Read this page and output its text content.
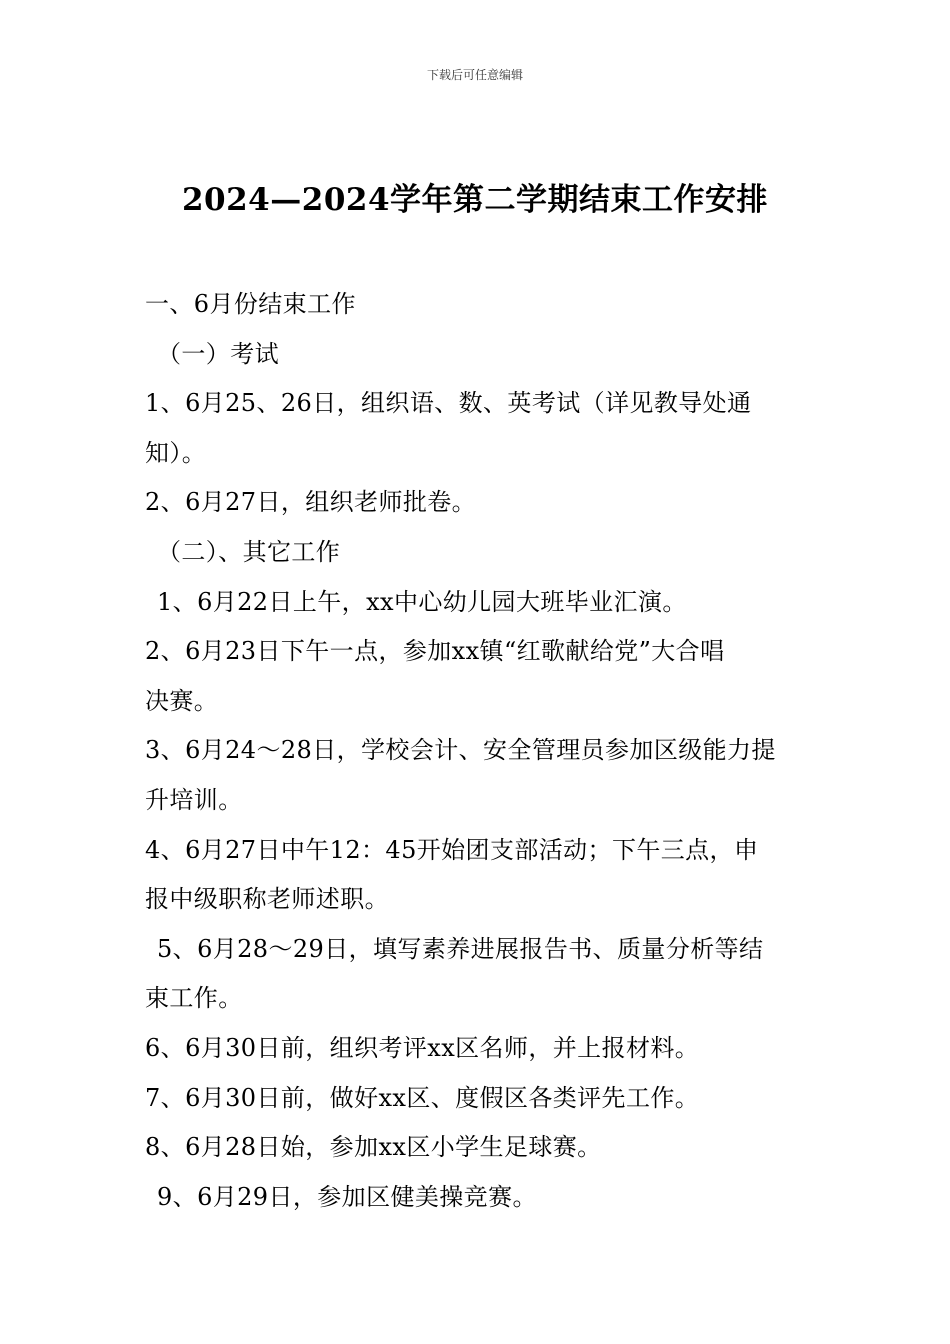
下载后可任意编辑
2024—2024学年第二学期结束工作安排
一、6月份结束工作
（一）考试
1、6月25、26日，组织语、数、英考试（详见教导处通
知）。
2、6月27日，组织老师批卷。
（二）、其它工作
1、6月22日上午，xx中心幼儿园大班毕业汇演。
2、6月23日下午一点，参加xx镇“红歌献给党”大合唱
决赛。
3、6月24～28日，学校会计、安全管理员参加区级能力提
升培训。
4、6月27日中午12：45开始团支部活动；下午三点，申
报中级职称老师述职。
5、6月28～29日，填写素养进展报告书、质量分析等结
束工作。
6、6月30日前，组织考评xx区名师，并上报材料。
7、6月30日前，做好xx区、度假区各类评先工作。
8、6月28日始，参加xx区小学生足球赛。
9、6月29日，参加区健美操竞赛。
